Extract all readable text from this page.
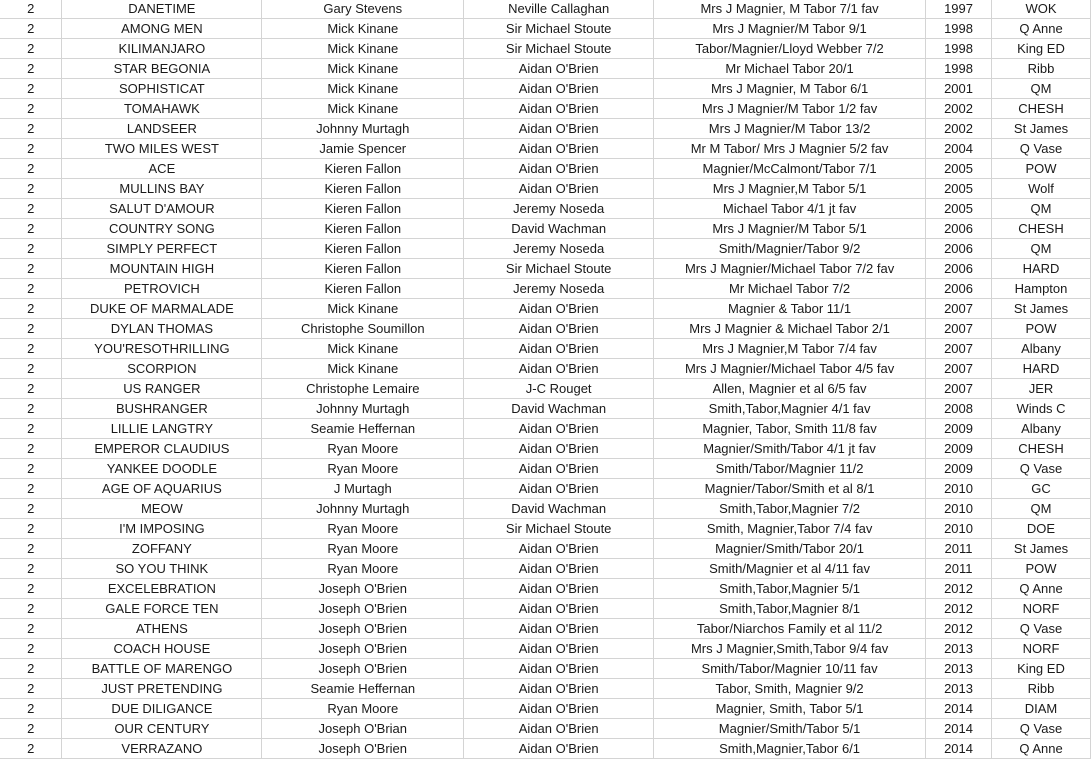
2	DANETIME	Gary Stevens	Neville Callaghan	Mrs J Magnier, M Tabor 7/1 fav	1997	WOK
2	AMONG MEN	Mick Kinane	Sir Michael Stoute	Mrs J Magnier/M Tabor 9/1	1998	Q Anne
2	KILIMANJARO	Mick Kinane	Sir Michael Stoute	Tabor/Magnier/Lloyd Webber 7/2	1998	King ED
2	STAR BEGONIA	Mick Kinane	Aidan O'Brien	Mr Michael Tabor 20/1	1998	Ribb
2	SOPHISTICAT	Mick Kinane	Aidan O'Brien	Mrs J Magnier, M Tabor 6/1	2001	QM
2	TOMAHAWK	Mick Kinane	Aidan O'Brien	Mrs J Magnier/M Tabor 1/2 fav	2002	CHESH
2	LANDSEER	Johnny Murtagh	Aidan O'Brien	Mrs J Magnier/M Tabor 13/2	2002	St James
2	TWO MILES WEST	Jamie Spencer	Aidan O'Brien	Mr M Tabor/ Mrs J Magnier 5/2 fav	2004	Q Vase
2	ACE	Kieren Fallon	Aidan O'Brien	Magnier/McCalmont/Tabor 7/1	2005	POW
2	MULLINS BAY	Kieren Fallon	Aidan O'Brien	Mrs J Magnier,M Tabor 5/1	2005	Wolf
2	SALUT D'AMOUR	Kieren Fallon	Jeremy Noseda	Michael Tabor 4/1 jt fav	2005	QM
2	COUNTRY SONG	Kieren Fallon	David Wachman	Mrs J Magnier/M Tabor 5/1	2006	CHESH
2	SIMPLY PERFECT	Kieren Fallon	Jeremy Noseda	Smith/Magnier/Tabor 9/2	2006	QM
2	MOUNTAIN HIGH	Kieren Fallon	Sir Michael Stoute	Mrs J Magnier/Michael Tabor 7/2 fav	2006	HARD
2	PETROVICH	Kieren Fallon	Jeremy Noseda	Mr Michael Tabor 7/2	2006	Hampton
2	DUKE OF MARMALADE	Mick Kinane	Aidan O'Brien	Magnier & Tabor 11/1	2007	St James
2	DYLAN THOMAS	Christophe Soumillon	Aidan O'Brien	Mrs J Magnier & Michael Tabor 2/1	2007	POW
2	YOU'RESOTHRILLING	Mick Kinane	Aidan O'Brien	Mrs J Magnier,M Tabor 7/4 fav	2007	Albany
2	SCORPION	Mick Kinane	Aidan O'Brien	Mrs J Magnier/Michael Tabor 4/5 fav	2007	HARD
2	US RANGER	Christophe Lemaire	J-C Rouget	Allen, Magnier et al 6/5 fav	2007	JER
2	BUSHRANGER	Johnny Murtagh	David Wachman	Smith,Tabor,Magnier 4/1 fav	2008	Winds C
2	LILLIE LANGTRY	Seamie Heffernan	Aidan O'Brien	Magnier, Tabor, Smith 11/8 fav	2009	Albany
2	EMPEROR CLAUDIUS	Ryan Moore	Aidan O'Brien	Magnier/Smith/Tabor 4/1 jt fav	2009	CHESH
2	YANKEE DOODLE	Ryan Moore	Aidan O'Brien	Smith/Tabor/Magnier 11/2	2009	Q Vase
2	AGE OF AQUARIUS	J Murtagh	Aidan O'Brien	Magnier/Tabor/Smith et al 8/1	2010	GC
2	MEOW	Johnny Murtagh	David Wachman	Smith,Tabor,Magnier 7/2	2010	QM
2	I'M IMPOSING	Ryan Moore	Sir Michael Stoute	Smith, Magnier,Tabor 7/4 fav	2010	DOE
2	ZOFFANY	Ryan Moore	Aidan O'Brien	Magnier/Smith/Tabor 20/1	2011	St James
2	SO YOU THINK	Ryan Moore	Aidan O'Brien	Smith/Magnier et al 4/11 fav	2011	POW
2	EXCELEBRATION	Joseph O'Brien	Aidan O'Brien	Smith,Tabor,Magnier 5/1	2012	Q Anne
2	GALE FORCE TEN	Joseph O'Brien	Aidan O'Brien	Smith,Tabor,Magnier 8/1	2012	NORF
2	ATHENS	Joseph O'Brien	Aidan O'Brien	Tabor/Niarchos Family et al 11/2	2012	Q Vase
2	COACH HOUSE	Joseph O'Brien	Aidan O'Brien	Mrs J Magnier,Smith,Tabor 9/4 fav	2013	NORF
2	BATTLE OF MARENGO	Joseph O'Brien	Aidan O'Brien	Smith/Tabor/Magnier 10/11 fav	2013	King ED
2	JUST PRETENDING	Seamie Heffernan	Aidan O'Brien	Tabor, Smith, Magnier 9/2	2013	Ribb
2	DUE DILIGANCE	Ryan Moore	Aidan O'Brien	Magnier, Smith, Tabor 5/1	2014	DIAM
2	OUR CENTURY	Joseph O'Brian	Aidan O'Brien	Magnier/Smith/Tabor 5/1	2014	Q Vase
2	VERRAZANO	Joseph O'Brien	Aidan O'Brien	Smith,Magnier,Tabor 6/1	2014	Q Anne
